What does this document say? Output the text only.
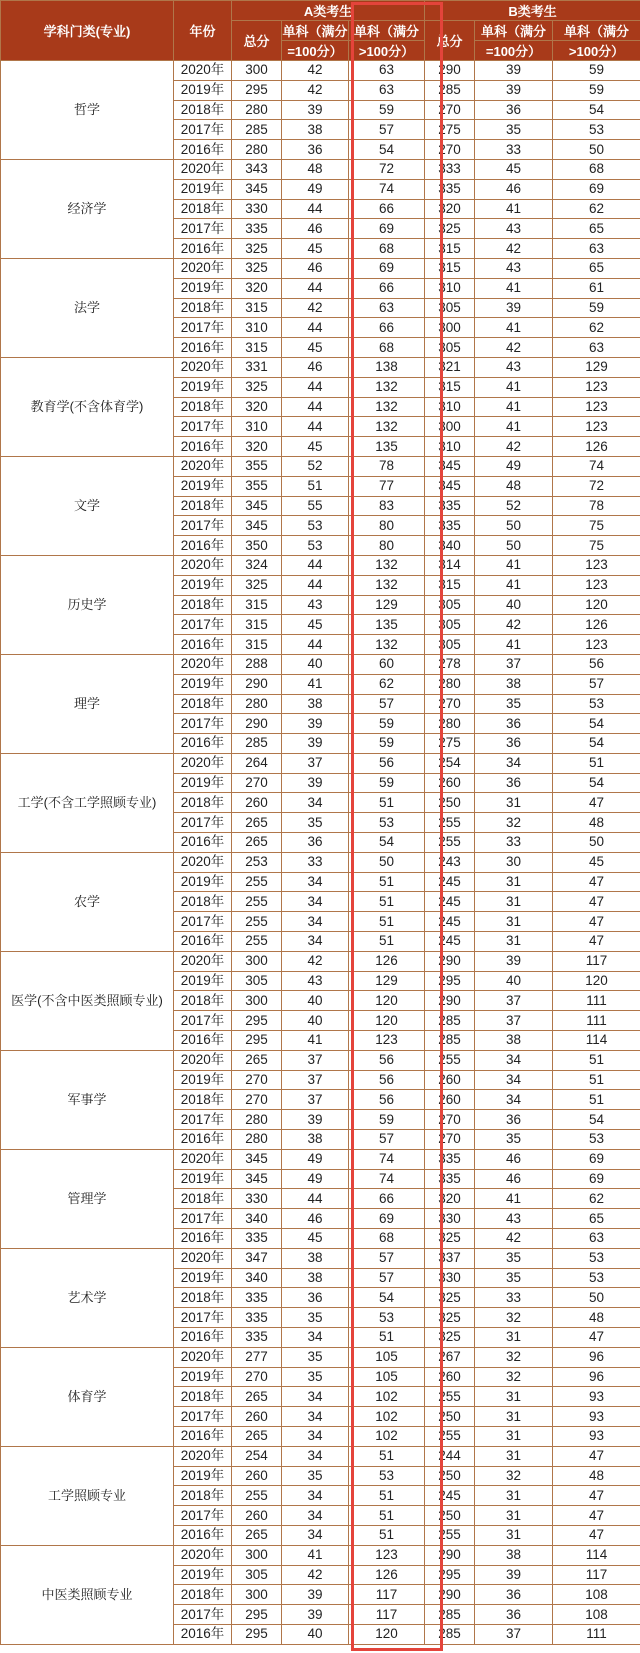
学科门类(专业)	年份	A类考生			B类考生		
		总分	单科（满分	单科（满分	总分	单科（满分	单科（满分
			=100分）	>100分）		=100分）	>100分）
哲学	2020年	300	42	63	290	39	59
	2019年	295	42	63	285	39	59
	2018年	280	39	59	270	36	54
	2017年	285	38	57	275	35	53
	2016年	280	36	54	270	33	50
经济学	2020年	343	48	72	333	45	68
	2019年	345	49	74	335	46	69
	2018年	330	44	66	320	41	62
	2017年	335	46	69	325	43	65
	2016年	325	45	68	315	42	63
法学	2020年	325	46	69	315	43	65
	2019年	320	44	66	310	41	61
	2018年	315	42	63	305	39	59
	2017年	310	44	66	300	41	62
	2016年	315	45	68	305	42	63
教育学(不含体育学)	2020年	331	46	138	321	43	129
	2019年	325	44	132	315	41	123
	2018年	320	44	132	310	41	123
	2017年	310	44	132	300	41	123
	2016年	320	45	135	310	42	126
文学	2020年	355	52	78	345	49	74
	2019年	355	51	77	345	48	72
	2018年	345	55	83	335	52	78
	2017年	345	53	80	335	50	75
	2016年	350	53	80	340	50	75
历史学	2020年	324	44	132	314	41	123
	2019年	325	44	132	315	41	123
	2018年	315	43	129	305	40	120
	2017年	315	45	135	305	42	126
	2016年	315	44	132	305	41	123
理学	2020年	288	40	60	278	37	56
	2019年	290	41	62	280	38	57
	2018年	280	38	57	270	35	53
	2017年	290	39	59	280	36	54
	2016年	285	39	59	275	36	54
工学(不含工学照顾专业)	2020年	264	37	56	254	34	51
	2019年	270	39	59	260	36	54
	2018年	260	34	51	250	31	47
	2017年	265	35	53	255	32	48
	2016年	265	36	54	255	33	50
农学	2020年	253	33	50	243	30	45
	2019年	255	34	51	245	31	47
	2018年	255	34	51	245	31	47
	2017年	255	34	51	245	31	47
	2016年	255	34	51	245	31	47
医学(不含中医类照顾专业)	2020年	300	42	126	290	39	117
	2019年	305	43	129	295	40	120
	2018年	300	40	120	290	37	111
	2017年	295	40	120	285	37	111
	2016年	295	41	123	285	38	114
军事学	2020年	265	37	56	255	34	51
	2019年	270	37	56	260	34	51
	2018年	270	37	56	260	34	51
	2017年	280	39	59	270	36	54
	2016年	280	38	57	270	35	53
管理学	2020年	345	49	74	335	46	69
	2019年	345	49	74	335	46	69
	2018年	330	44	66	320	41	62
	2017年	340	46	69	330	43	65
	2016年	335	45	68	325	42	63
艺术学	2020年	347	38	57	337	35	53
	2019年	340	38	57	330	35	53
	2018年	335	36	54	325	33	50
	2017年	335	35	53	325	32	48
	2016年	335	34	51	325	31	47
体育学	2020年	277	35	105	267	32	96
	2019年	270	35	105	260	32	96
	2018年	265	34	102	255	31	93
	2017年	260	34	102	250	31	93
	2016年	265	34	102	255	31	93
工学照顾专业	2020年	254	34	51	244	31	47
	2019年	260	35	53	250	32	48
	2018年	255	34	51	245	31	47
	2017年	260	34	51	250	31	47
	2016年	265	34	51	255	31	47
中医类照顾专业	2020年	300	41	123	290	38	114
	2019年	305	42	126	295	39	117
	2018年	300	39	117	290	36	108
	2017年	295	39	117	285	36	108
	2016年	295	40	120	285	37	111
